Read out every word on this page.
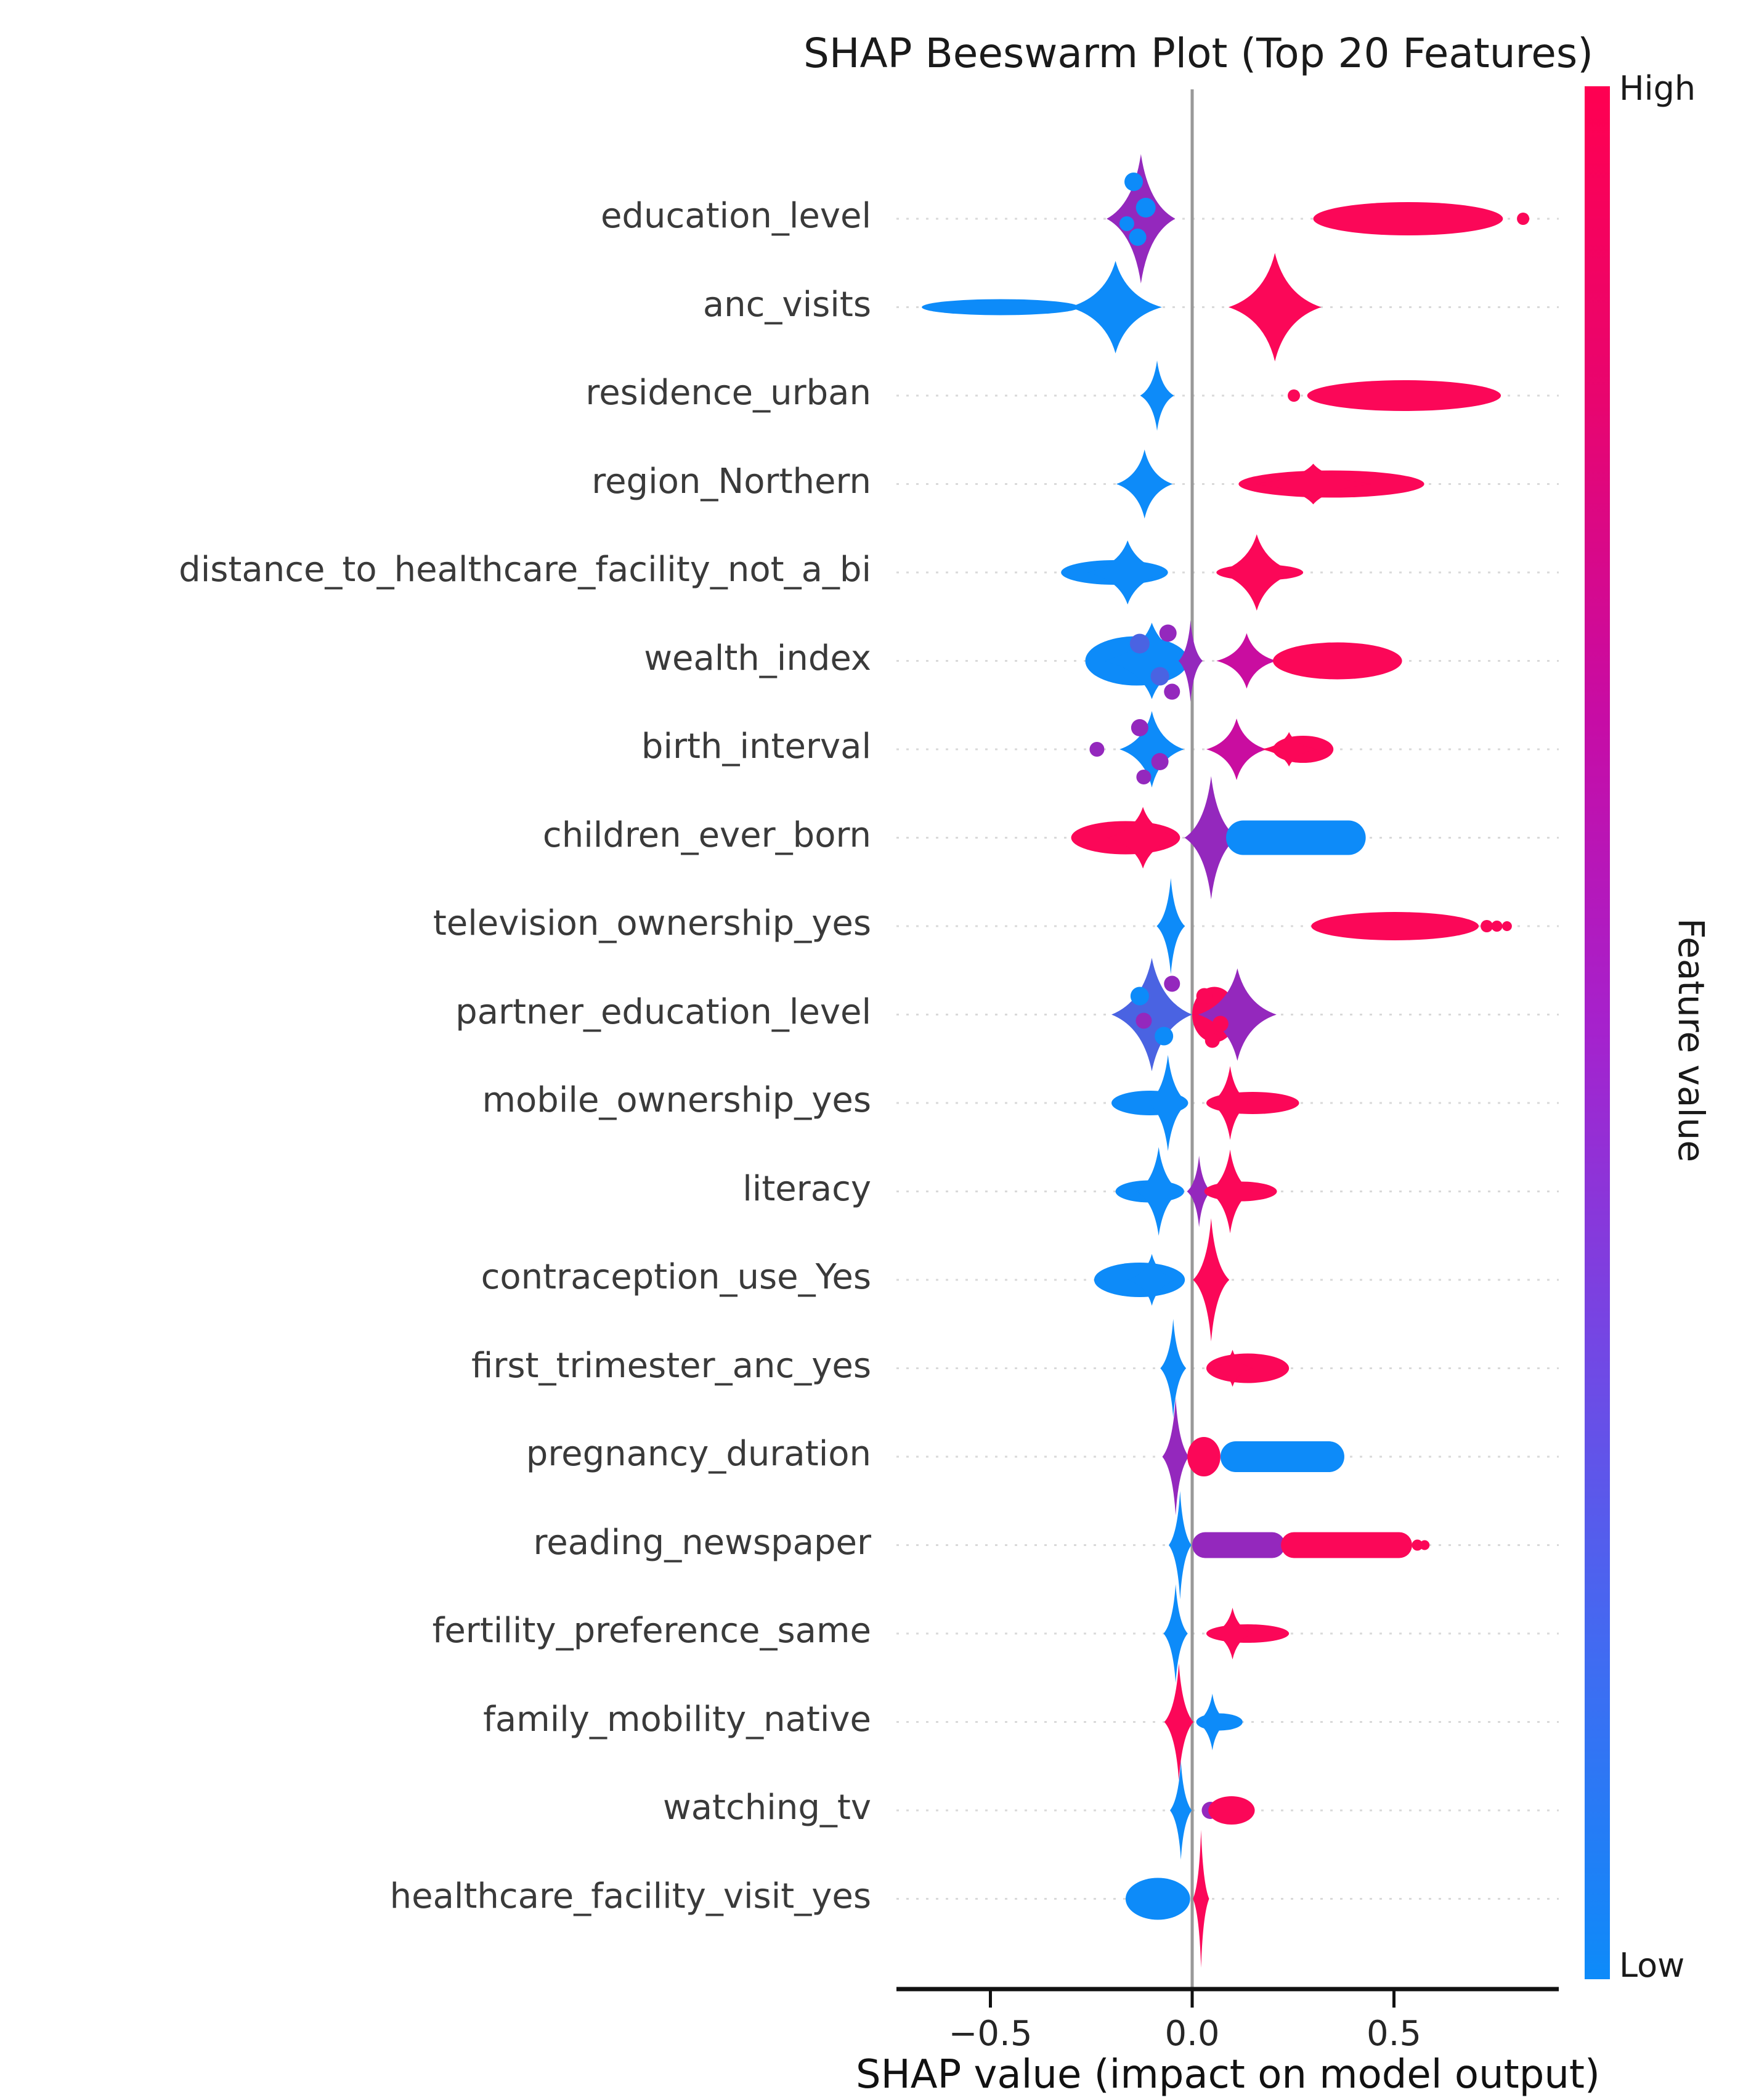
SHAP Beeswarm Plot (Top 20 Features)
education_level
anc_visits
residence_urban
region_Northern
distance_to_healthcare_facility_not_a_bi
wealth_index
birth_interval
children_ever_born
television_ownership_yes
partner_education_level
mobile_ownership_yes
literacy
contraception_use_Yes
first_trimester_anc_yes
pregnancy_duration
reading_newspaper
fertility_preference_same
family_mobility_native
watching_tv
healthcare_facility_visit_yes
−0.5	0.0	0.5
SHAP value (impact on model output)
High
Low
Feature value
